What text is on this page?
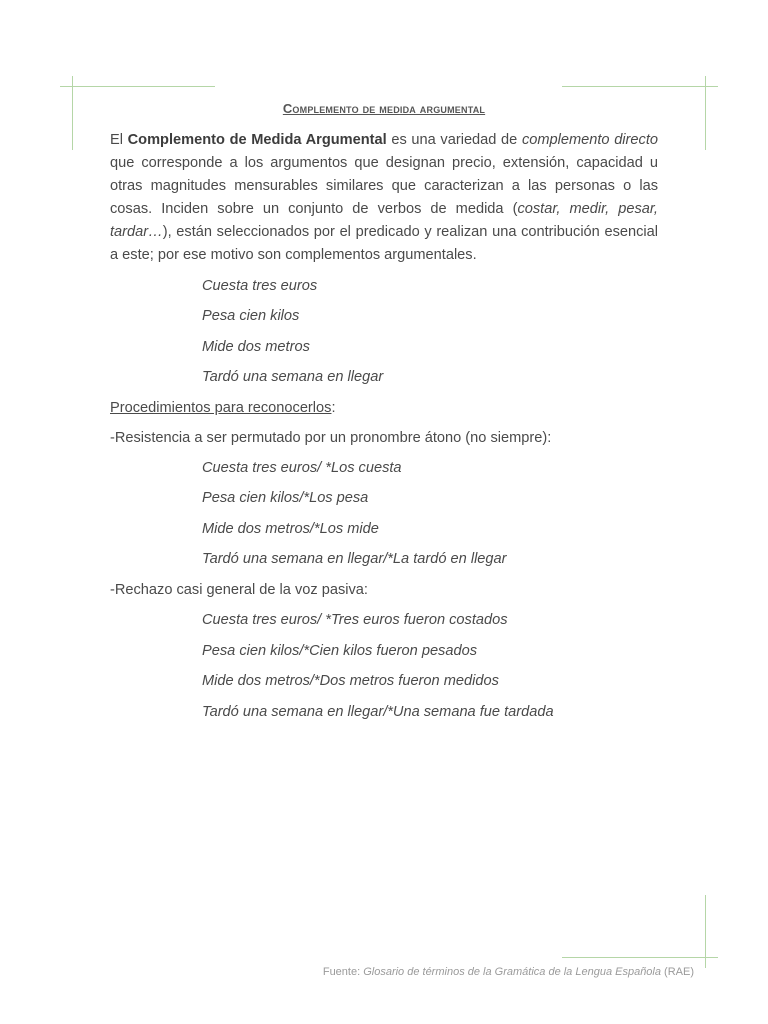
Complemento de medida argumental
El Complemento de Medida Argumental es una variedad de complemento directo que corresponde a los argumentos que designan precio, extensión, capacidad u otras magnitudes mensurables similares que caracterizan a las personas o las cosas. Inciden sobre un conjunto de verbos de medida (costar, medir, pesar, tardar…), están seleccionados por el predicado y realizan una contribución esencial a este; por ese motivo son complementos argumentales.
Cuesta tres euros
Pesa cien kilos
Mide dos metros
Tardó una semana en llegar
Procedimientos para reconocerlos:
-Resistencia a ser permutado por un pronombre átono (no siempre):
Cuesta tres euros/ *Los cuesta
Pesa cien kilos/*Los pesa
Mide dos metros/*Los mide
Tardó una semana en llegar/*La tardó en llegar
-Rechazo casi general de la voz pasiva:
Cuesta tres euros/ *Tres euros fueron costados
Pesa cien kilos/*Cien kilos fueron pesados
Mide dos metros/*Dos metros fueron medidos
Tardó una semana en llegar/*Una semana fue tardada
Fuente: Glosario de términos de la Gramática de la Lengua Española (RAE)
